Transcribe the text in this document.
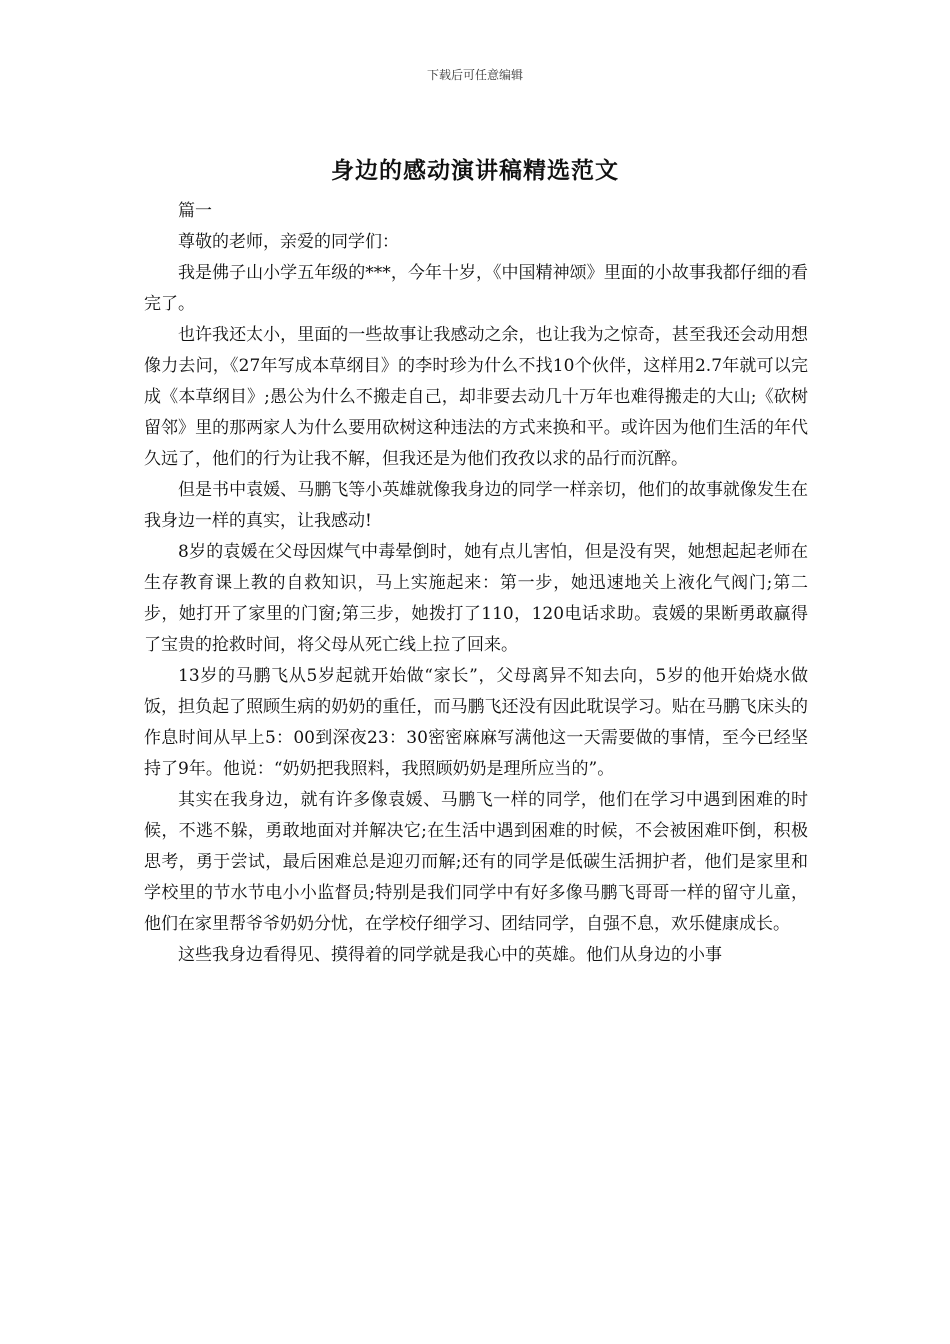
下载后可任意编辑
身边的感动演讲稿精选范文

篇一

尊敬的老师，亲爱的同学们：

我是佛子山小学五年级的***，今年十岁，《中国精神颂》里面的小故事我都仔细的看完了。

也许我还太小，里面的一些故事让我感动之余，也让我为之惊奇，甚至我还会动用想像力去问，《27年写成本草纲目》的李时珍为什么不找10个伙伴，这样用2.7年就可以完成《本草纲目》;愚公为什么不搬走自己，却非要去动几十万年也难得搬走的大山;《砍树留邻》里的那两家人为什么要用砍树这种违法的方式来换和平。或许因为他们生活的年代久远了，他们的行为让我不解，但我还是为他们孜孜以求的品行而沉醉。

但是书中袁媛、马鹏飞等小英雄就像我身边的同学一样亲切，他们的故事就像发生在我身边一样的真实，让我感动!

8岁的袁媛在父母因煤气中毒晕倒时，她有点儿害怕，但是没有哭，她想起起老师在生存教育课上教的自救知识，马上实施起来：第一步，她迅速地关上液化气阀门;第二步，她打开了家里的门窗;第三步，她拨打了110，120电话求助。袁媛的果断勇敢赢得了宝贵的抢救时间，将父母从死亡线上拉了回来。

13岁的马鹏飞从5岁起就开始做“家长”，父母离异不知去向，5岁的他开始烧水做饭，担负起了照顾生病的奶奶的重任，而马鹏飞还没有因此耽误学习。贴在马鹏飞床头的作息时间从早上5：00到深夜23：30密密麻麻写满他这一天需要做的事情，至今已经坚持了9年。他说：“奶奶把我照料，我照顾奶奶是理所应当的”。

其实在我身边，就有许多像袁媛、马鹏飞一样的同学，他们在学习中遇到困难的时候，不逃不躲，勇敢地面对并解决它;在生活中遇到困难的时候，不会被困难吓倒，积极思考，勇于尝试，最后困难总是迎刃而解;还有的同学是低碳生活拥护者，他们是家里和学校里的节水节电小小监督员;特别是我们同学中有好多像马鹏飞哥哥一样的留守儿童，他们在家里帮爷爷奶奶分忧，在学校仔细学习、团结同学，自强不息，欢乐健康成长。

这些我身边看得见、摸得着的同学就是我心中的英雄。他们从身边的小事
